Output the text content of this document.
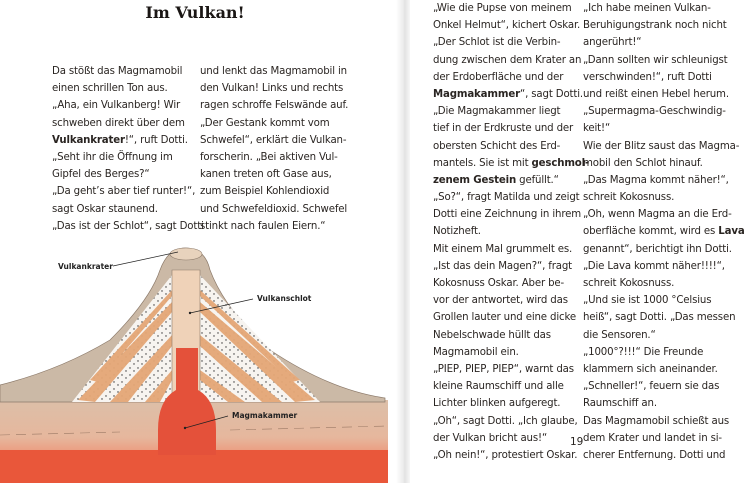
Im Vulkan!
Da stößt das Magmamobil
einen schrillen Ton aus.
„Aha, ein Vulkanberg! Wir
schweben direkt über dem
Vulkankrater!“, ruft Dotti.
„Seht ihr die Öffnung im
Gipfel des Berges?“
„Da geht’s aber tief runter!“,
sagt Oskar staunend.
„Das ist der Schlot“, sagt Dotti
und lenkt das Magmamobil in
den Vulkan! Links und rechts
ragen schroffe Felswände auf.
„Der Gestank kommt vom
Schwefel“, erklärt die Vulkan-
forscherin. „Bei aktiven Vul-
kanen treten oft Gase aus,
zum Beispiel Kohlendioxid
und Schwefeldioxid. Schwefel
stinkt nach faulen Eiern.“
Vulkankrater
Vulkanschlot
Magmakammer
„Wie die Pupse von meinem
Onkel Helmut“, kichert Oskar.
„Der Schlot ist die Verbin-
dung zwischen dem Krater an
der Erdoberfläche und der
Magmakammer“, sagt Dotti.
„Die Magmakammer liegt
tief in der Erdkruste und der
obersten Schicht des Erd-
mantels. Sie ist mit geschmol-
zenem Gestein gefüllt.“
„So?“, fragt Matilda und zeigt
Dotti eine Zeichnung in ihrem
Notizheft.
Mit einem Mal grummelt es.
„Ist das dein Magen?“, fragt
Kokosnuss Oskar. Aber be-
vor der antwortet, wird das
Grollen lauter und eine dicke
Nebelschwade hüllt das
Magmamobil ein.
„PIEP, PIEP, PIEP“, warnt das
kleine Raumschiff und alle
Lichter blinken aufgeregt.
„Oh“, sagt Dotti. „Ich glaube,
der Vulkan bricht aus!“
„Oh nein!“, protestiert Oskar.
„Ich habe meinen Vulkan-
Beruhigungstrank noch nicht
angerührt!“
„Dann sollten wir schleunigst
verschwinden!“, ruft Dotti
und reißt einen Hebel herum.
„Supermagma-Geschwindig-
keit!“
Wie der Blitz saust das Magma-
mobil den Schlot hinauf.
„Das Magma kommt näher!“,
schreit Kokosnuss.
„Oh, wenn Magma an die Erd-
oberfläche kommt, wird es Lava
genannt“, berichtigt ihn Dotti.
„Die Lava kommt näher!!!!“,
schreit Kokosnuss.
„Und sie ist 1000 °Celsius
heiß“, sagt Dotti. „Das messen
die Sensoren.“
„1000°?!!!“ Die Freunde
klammern sich aneinander.
„Schneller!“, feuern sie das
Raumschiff an.
Das Magmamobil schießt aus
dem Krater und landet in si-
cherer Entfernung. Dotti und
19
